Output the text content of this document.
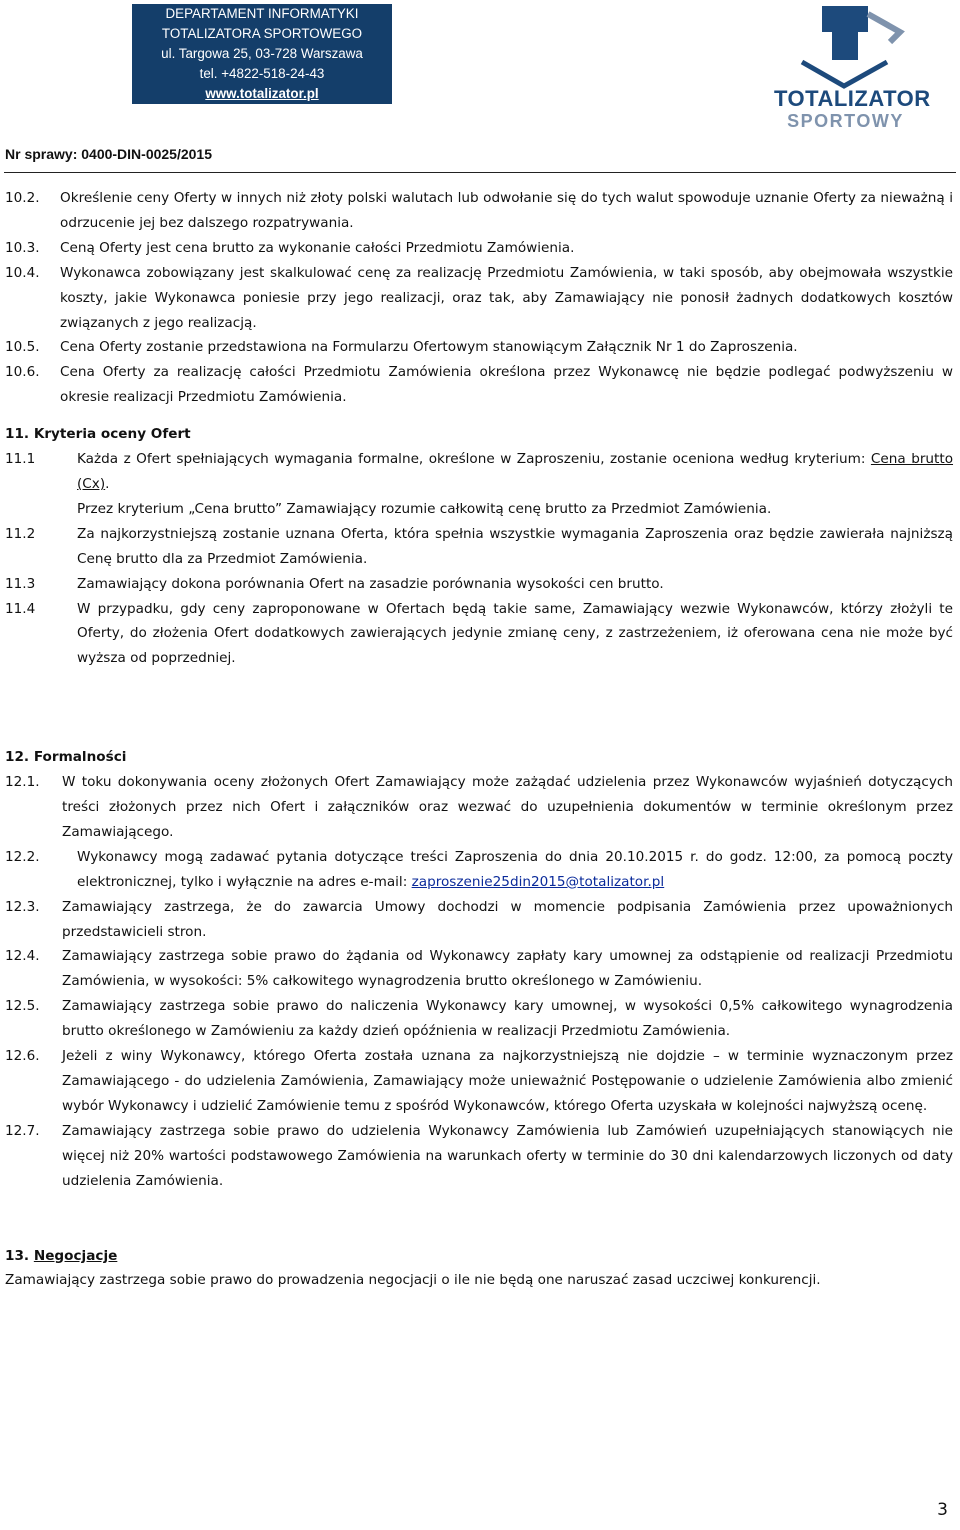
DEPARTAMENT INFORMATYKI
TOTALIZATORA SPORTOWEGO
ul. Targowa 25, 03-728 Warszawa
tel. +4822-518-24-43
www.totalizator.pl	TOTALIZATOR
SPORTOWY
Nr sprawy: 0400-DIN-0025/2015
10.2.	Określenie ceny Oferty w innych niż złoty polski walutach lub odwołanie się do tych walut spowoduje uznanie Oferty za nieważną i odrzucenie jej bez dalszego rozpatrywania.
10.3.	Ceną Oferty jest cena brutto za wykonanie całości Przedmiotu Zamówienia.
10.4.	Wykonawca zobowiązany jest skalkulować cenę za realizację Przedmiotu Zamówienia, w taki sposób, aby obejmowała wszystkie koszty, jakie Wykonawca poniesie przy jego realizacji, oraz tak, aby Zamawiający nie ponosił żadnych dodatkowych kosztów związanych z jego realizacją.
10.5.	Cena Oferty zostanie przedstawiona na Formularzu Ofertowym stanowiącym Załącznik Nr 1 do Zaproszenia.
10.6.	Cena Oferty za realizację całości Przedmiotu Zamówienia określona przez Wykonawcę nie będzie podlegać podwyższeniu w okresie realizacji Przedmiotu Zamówienia.
11. Kryteria oceny Ofert
11.1	Każda z Ofert spełniających wymagania formalne, określone w Zaproszeniu, zostanie oceniona według kryterium: Cena brutto (Cx).
Przez kryterium „Cena brutto” Zamawiający rozumie całkowitą cenę brutto za Przedmiot Zamówienia.
11.2	Za najkorzystniejszą zostanie uznana Oferta, która spełnia wszystkie wymagania Zaproszenia oraz będzie zawierała najniższą Cenę brutto dla za Przedmiot Zamówienia.
11.3	Zamawiający dokona porównania Ofert na zasadzie porównania wysokości cen brutto.
11.4	W przypadku, gdy ceny zaproponowane w Ofertach będą takie same, Zamawiający wezwie Wykonawców, którzy złożyli te Oferty, do złożenia Ofert dodatkowych zawierających jedynie zmianę ceny, z zastrzeżeniem, iż oferowana cena nie może być wyższa od poprzedniej.
12. Formalności
12.1.	W toku dokonywania oceny złożonych Ofert Zamawiający może zażądać udzielenia przez Wykonawców wyjaśnień dotyczących treści złożonych przez nich Ofert i załączników oraz wezwać do uzupełnienia dokumentów w terminie określonym przez Zamawiającego.
12.2.	Wykonawcy mogą zadawać pytania dotyczące treści Zaproszenia do dnia 20.10.2015 r. do godz. 12:00, za pomocą poczty elektronicznej, tylko i wyłącznie na adres e-mail: zaproszenie25din2015@totalizator.pl
12.3.	Zamawiający zastrzega, że do zawarcia Umowy dochodzi w momencie podpisania Zamówienia przez upoważnionych przedstawicieli stron.
12.4.	Zamawiający zastrzega sobie prawo do żądania od Wykonawcy zapłaty kary umownej za odstąpienie od realizacji Przedmiotu Zamówienia, w wysokości: 5% całkowitego wynagrodzenia brutto określonego w Zamówieniu.
12.5.	Zamawiający zastrzega sobie prawo do naliczenia Wykonawcy kary umownej, w wysokości 0,5% całkowitego wynagrodzenia brutto określonego w Zamówieniu za każdy dzień opóźnienia w realizacji Przedmiotu Zamówienia.
12.6.	Jeżeli z winy Wykonawcy, którego Oferta została uznana za najkorzystniejszą nie dojdzie – w terminie wyznaczonym przez Zamawiającego - do udzielenia Zamówienia, Zamawiający może unieważnić Postępowanie o udzielenie Zamówienia albo zmienić wybór Wykonawcy i udzielić Zamówienie temu z spośród Wykonawców, którego Oferta uzyskała w kolejności najwyższą ocenę.
12.7.	Zamawiający zastrzega sobie prawo do udzielenia Wykonawcy Zamówienia lub Zamówień uzupełniających stanowiących nie więcej niż 20% wartości podstawowego Zamówienia na warunkach oferty w terminie do 30 dni kalendarzowych liczonych od daty udzielenia Zamówienia.
13. Negocjacje
Zamawiający zastrzega sobie prawo do prowadzenia negocjacji o ile nie będą one naruszać zasad uczciwej konkurencji.
3
